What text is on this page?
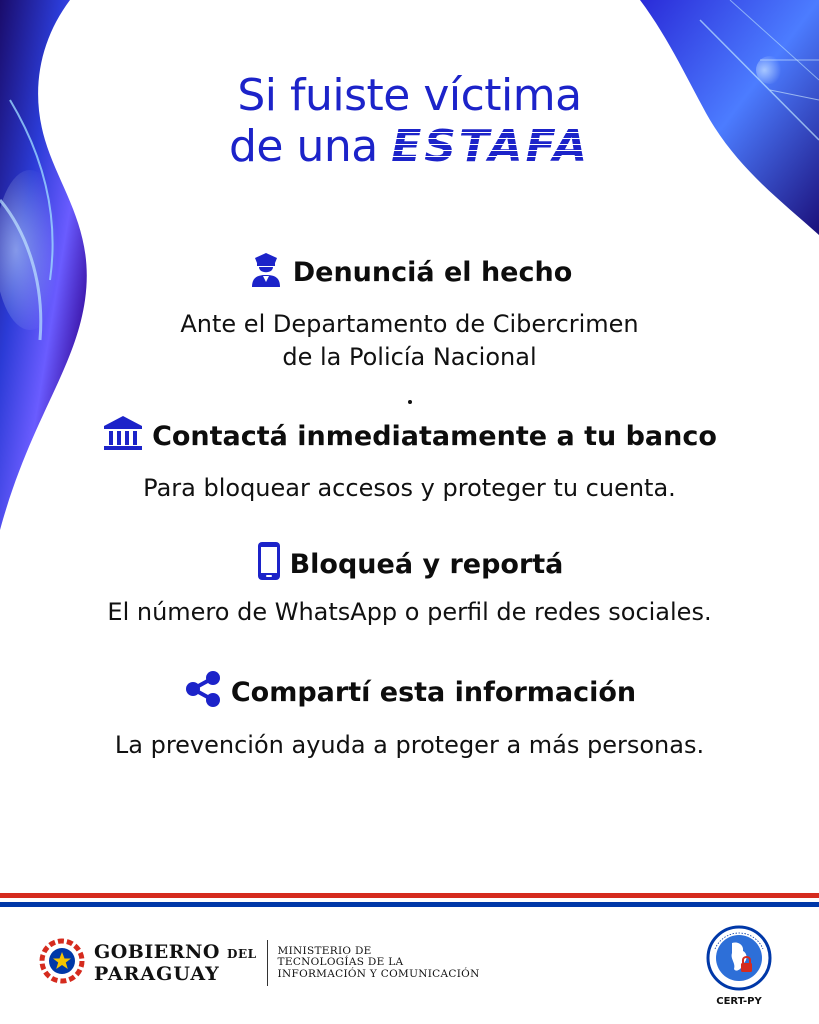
Si fuiste víctima
de una ESTAFA
Denunciá el hecho
Ante el Departamento de Cibercrimen
de la Policía Nacional
Contactá inmediatamente a tu banco
Para bloquear accesos y proteger tu cuenta.
Bloqueá y reportá
El número de WhatsApp o perfil de redes sociales.
Compartí esta información
La prevención ayuda a proteger a más personas.
GOBIERNO DEL
PARAGUAY
MINISTERIO DE
TECNOLOGÍAS DE LA
INFORMACIÓN Y COMUNICACIÓN
CERT-PY
